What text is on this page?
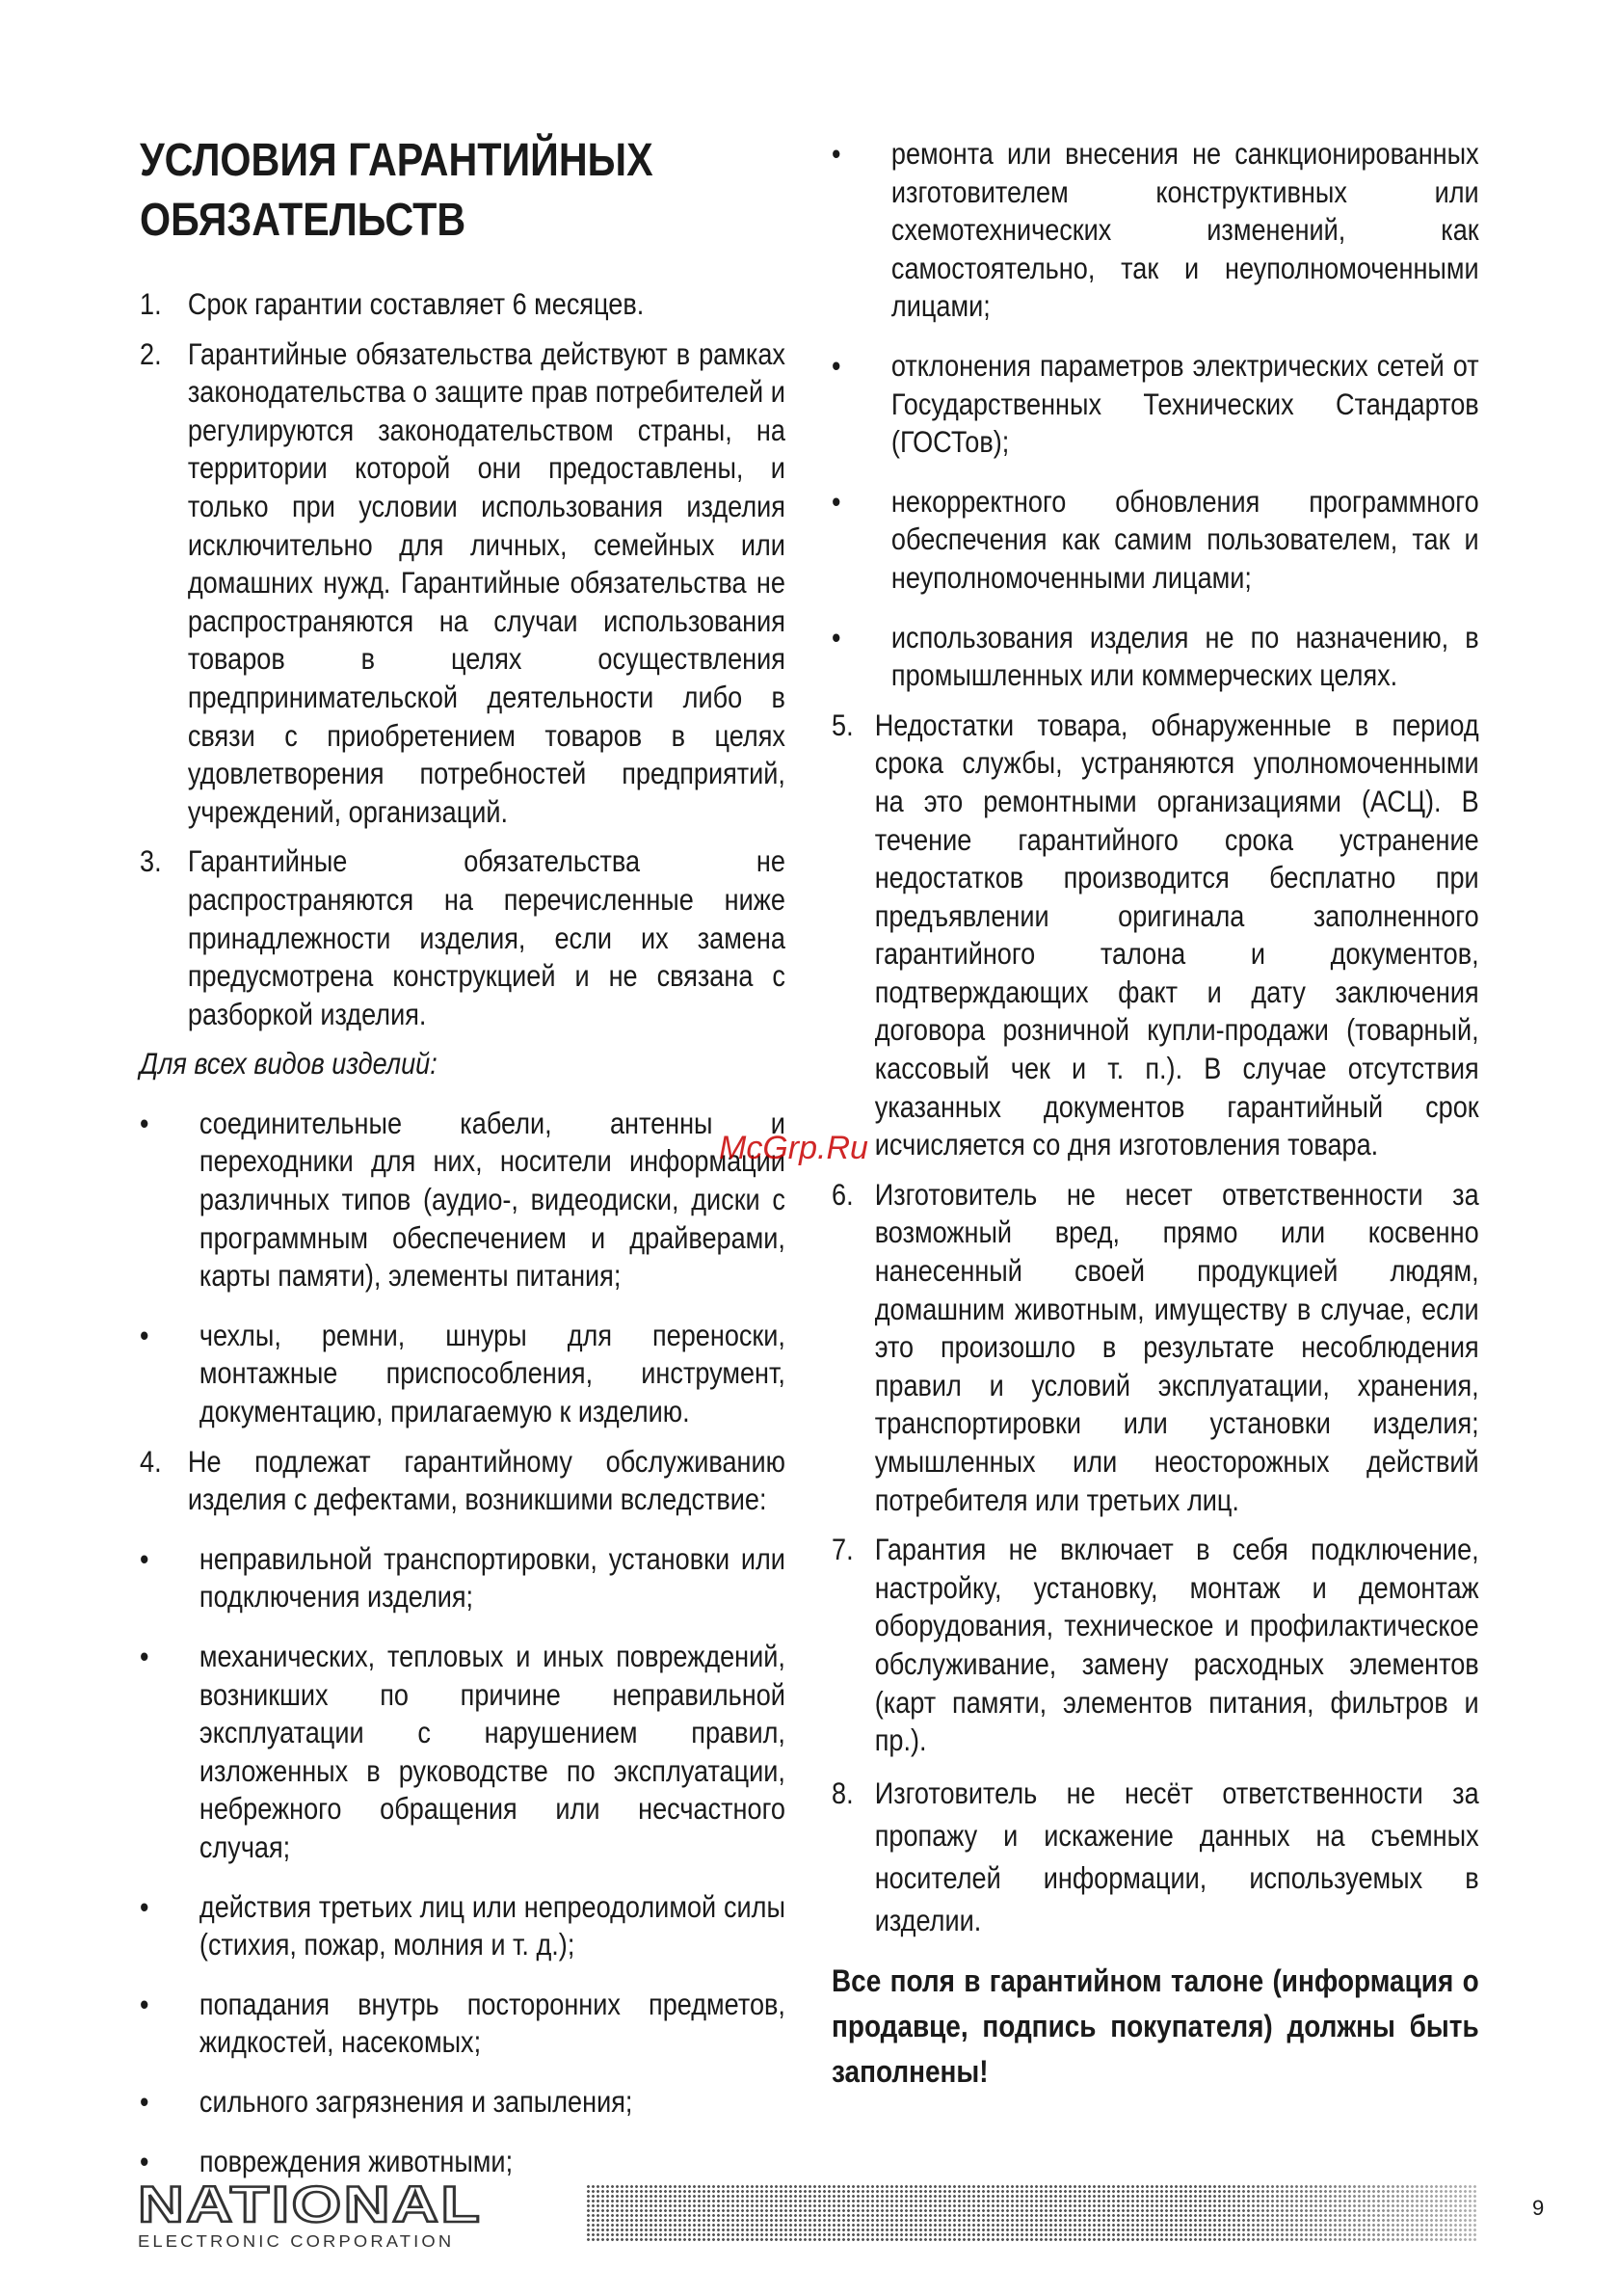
УСЛОВИЯ ГАРАНТИЙНЫХ ОБЯЗАТЕЛЬСТВ
1. Срок гарантии составляет 6 месяцев.
2. Гарантийные обязательства действуют в рамках законодательства о защите прав потребителей и регулируются законодательством страны, на территории которой они предоставлены, и только при условии использования изделия исключительно для личных, семейных или домашних нужд. Гарантийные обязательства не распространяются на случаи использования товаров в целях осуществления предпринимательской деятельности либо в связи с приобретением товаров в целях удовлетворения потребностей предприятий, учреждений, организаций.
3. Гарантийные обязательства не распространяются на перечисленные ниже принадлежности изделия, если их замена предусмотрена конструкцией и не связана с разборкой изделия.
Для всех видов изделий:
• соединительные кабели, антенны и переходники для них, носители информации различных типов (аудио-, видеодиски, диски с программным обеспечением и драйверами, карты памяти), элементы питания;
• чехлы, ремни, шнуры для переноски, монтажные приспособления, инструмент, документацию, прилагаемую к изделию.
4. Не подлежат гарантийному обслуживанию изделия с дефектами, возникшими вследствие:
• неправильной транспортировки, установки или подключения изделия;
• механических, тепловых и иных повреждений, возникших по причине неправильной эксплуатации с нарушением правил, изложенных в руководстве по эксплуатации, небрежного обращения или несчастного случая;
• действия третьих лиц или непреодолимой силы (стихия, пожар, молния и т. д.);
• попадания внутрь посторонних предметов, жидкостей, насекомых;
• сильного загрязнения и запыления;
• повреждения животными;
• ремонта или внесения не санкционированных изготовителем конструктивных или схемотехнических изменений, как самостоятельно, так и неуполномоченными лицами;
• отклонения параметров электрических сетей от Государственных Технических Стандартов (ГОСТов);
• некорректного обновления программного обеспечения как самим пользователем, так и неуполномоченными лицами;
• использования изделия не по назначению, в промышленных или коммерческих целях.
5. Недостатки товара, обнаруженные в период срока службы, устраняются уполномоченными на это ремонтными организациями (АСЦ). В течение гарантийного срока устранение недостатков производится бесплатно при предъявлении оригинала заполненного гарантийного талона и документов, подтверждающих факт и дату заключения договора розничной купли-продажи (товарный, кассовый чек и т. п.). В случае отсутствия указанных документов гарантийный срок исчисляется со дня изготовления товара.
6. Изготовитель не несет ответственности за возможный вред, прямо или косвенно нанесенный своей продукцией людям, домашним животным, имуществу в случае, если это произошло в результате несоблюдения правил и условий эксплуатации, хранения, транспортировки или установки изделия; умышленных или неосторожных действий потребителя или третьих лиц.
7. Гарантия не включает в себя подключение, настройку, установку, монтаж и демонтаж оборудования, техническое и профилактическое обслуживание, замену расходных элементов (карт памяти, элементов питания, фильтров и пр.).
8. Изготовитель не несёт ответственности за пропажу и искажение данных на съемных носителей информации, используемых в изделии.
Все поля в гарантийном талоне (информация о продавце, подпись покупателя) должны быть заполнены!
McGrp.Ru
NATIONAL
ELECTRONIC CORPORATION
9
